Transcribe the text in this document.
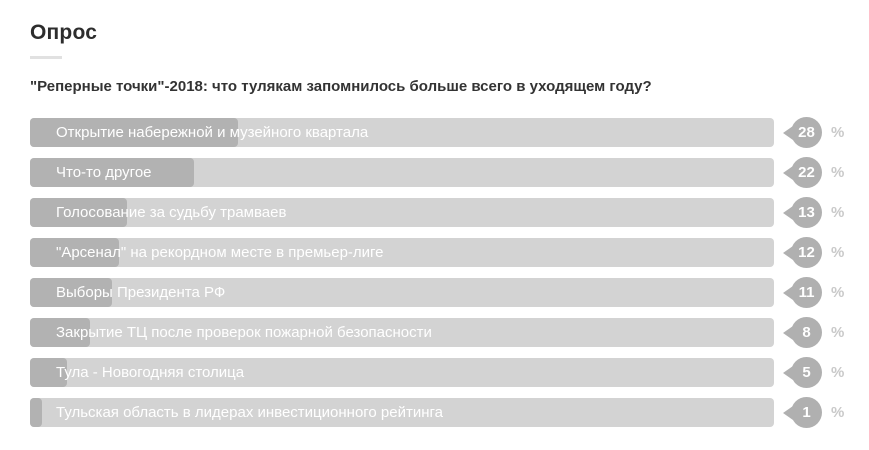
Опрос
"Реперные точки"-2018: что тулякам запомнилось больше всего в уходящем году?
Открытие набережной и музейного квартала	28 %
Что-то другое	22 %
Голосование за судьбу трамваев	13 %
"Арсенал" на рекордном месте в премьер-лиге	12 %
Выборы Президента РФ	11 %
Закрытие ТЦ после проверок пожарной безопасности	8 %
Тула - Новогодняя столица	5 %
Тульская область в лидерах инвестиционного рейтинга	1 %
